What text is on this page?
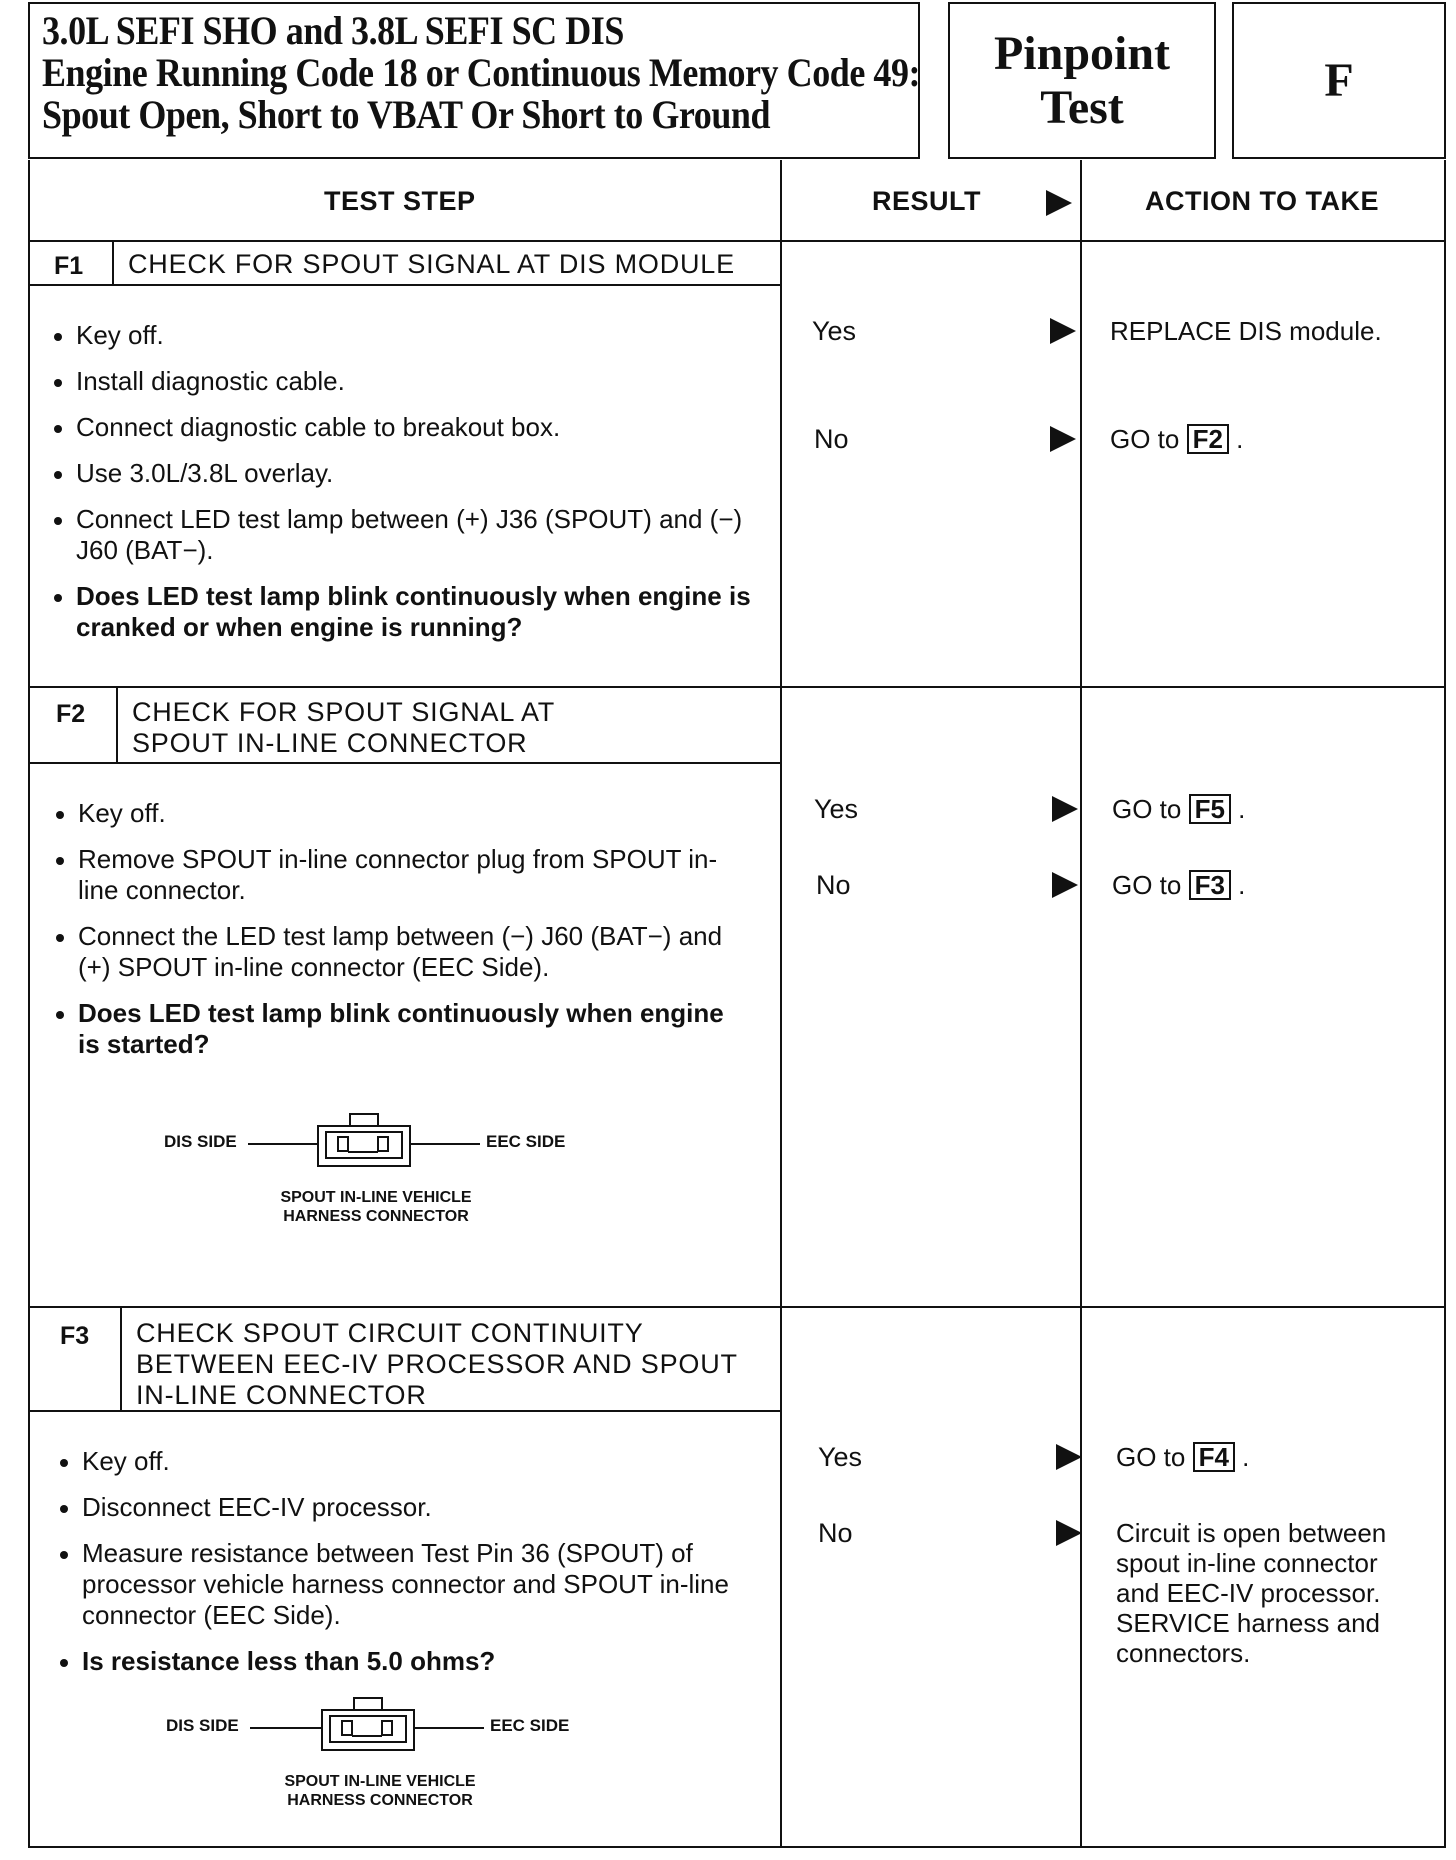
3.0L SEFI SHO and 3.8L SEFI SC DIS
Engine Running Code 18 or Continuous Memory Code 49:
Spout Open, Short to VBAT Or Short to Ground
Pinpoint
Test	F
TEST STEP	RESULT	ACTION TO TAKE
F1 CHECK FOR SPOUT SIGNAL AT DIS MODULE
Key off.
Install diagnostic cable.
Connect diagnostic cable to breakout box.
Use 3.0L/3.8L overlay.
Connect LED test lamp between (+) J36 (SPOUT) and (−) J60 (BAT−).
Does LED test lamp blink continuously when engine is cranked or when engine is running?
Yes	REPLACE DIS module.
No	GO to F2 .
F2 CHECK FOR SPOUT SIGNAL AT
SPOUT IN-LINE CONNECTOR
Key off.
Remove SPOUT in-line connector plug from SPOUT in-line connector.
Connect the LED test lamp between (−) J60 (BAT−) and (+) SPOUT in-line connector (EEC Side).
Does LED test lamp blink continuously when engine is started?
DIS SIDE	EEC SIDE
SPOUT IN-LINE VEHICLE
HARNESS CONNECTOR
Yes	GO to F5 .
No	GO to F3 .
F3 CHECK SPOUT CIRCUIT CONTINUITY
BETWEEN EEC-IV PROCESSOR AND SPOUT
IN-LINE CONNECTOR
Key off.
Disconnect EEC-IV processor.
Measure resistance between Test Pin 36 (SPOUT) of processor vehicle harness connector and SPOUT in-line connector (EEC Side).
Is resistance less than 5.0 ohms?
DIS SIDE	EEC SIDE
SPOUT IN-LINE VEHICLE
HARNESS CONNECTOR
Yes	GO to F4 .
No	Circuit is open between
spout in-line connector
and EEC-IV processor.
SERVICE harness and
connectors.
